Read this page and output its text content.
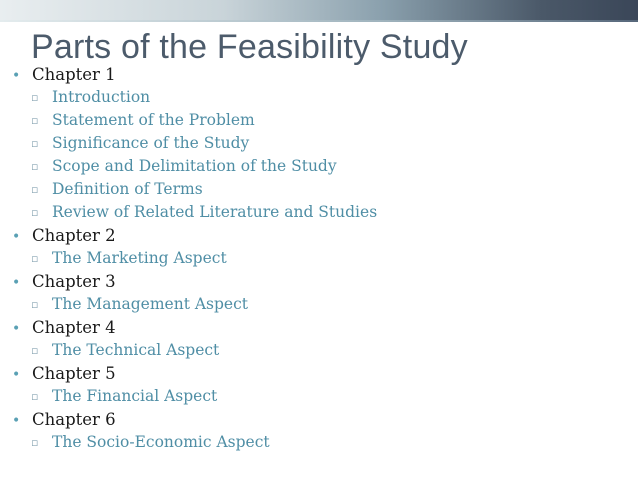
Parts of the Feasibility Study
• Chapter 1
▫ Introduction
▫ Statement of the Problem
▫ Significance of the Study
▫ Scope and Delimitation of the Study
▫ Definition of Terms
▫ Review of Related Literature and Studies
• Chapter 2
▫ The Marketing Aspect
• Chapter 3
▫ The Management Aspect
• Chapter 4
▫ The Technical Aspect
• Chapter 5
▫ The Financial Aspect
• Chapter 6
▫ The Socio-Economic Aspect
